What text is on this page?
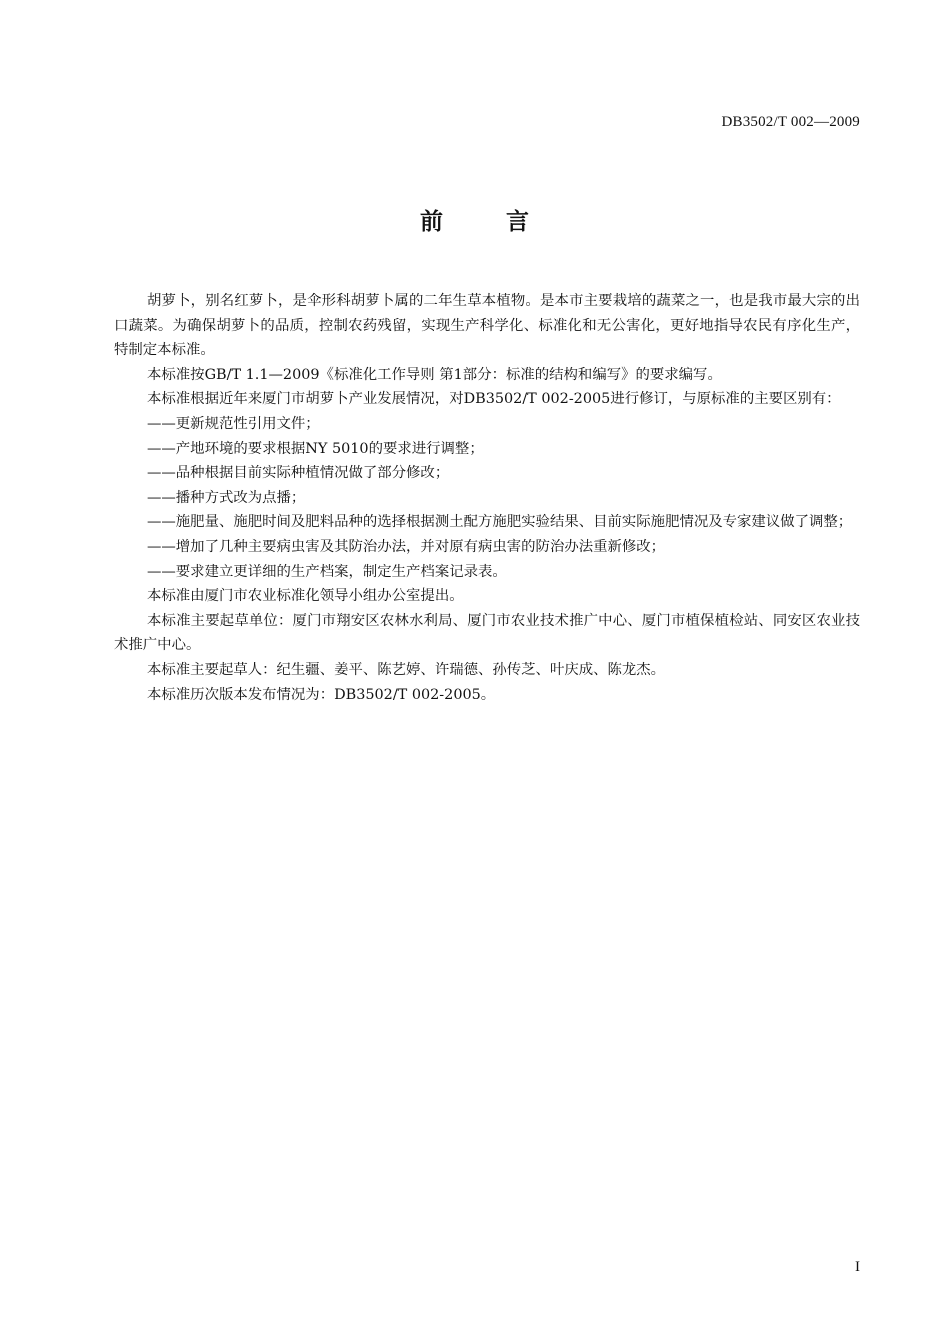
DB3502/T 002—2009
前	言

胡萝卜，别名红萝卜，是伞形科胡萝卜属的二年生草本植物。是本市主要栽培的蔬菜之一，也是我市最大宗的出口蔬菜。为确保胡萝卜的品质，控制农药残留，实现生产科学化、标准化和无公害化，更好地指导农民有序化生产，特制定本标准。

本标准按GB/T 1.1—2009《标准化工作导则 第1部分：标准的结构和编写》的要求编写。

本标准根据近年来厦门市胡萝卜产业发展情况，对DB3502/T 002-2005进行修订，与原标准的主要区别有：

——更新规范性引用文件；

——产地环境的要求根据NY 5010的要求进行调整；

——品种根据目前实际种植情况做了部分修改；

——播种方式改为点播；

——施肥量、施肥时间及肥料品种的选择根据测土配方施肥实验结果、目前实际施肥情况及专家建议做了调整；

——增加了几种主要病虫害及其防治办法，并对原有病虫害的防治办法重新修改；

——要求建立更详细的生产档案，制定生产档案记录表。

本标准由厦门市农业标准化领导小组办公室提出。

本标准主要起草单位：厦门市翔安区农林水利局、厦门市农业技术推广中心、厦门市植保植检站、同安区农业技术推广中心。

本标准主要起草人：纪生疆、姜平、陈艺婷、许瑞德、孙传芝、叶庆成、陈龙杰。

本标准历次版本发布情况为：DB3502/T 002-2005。

I
